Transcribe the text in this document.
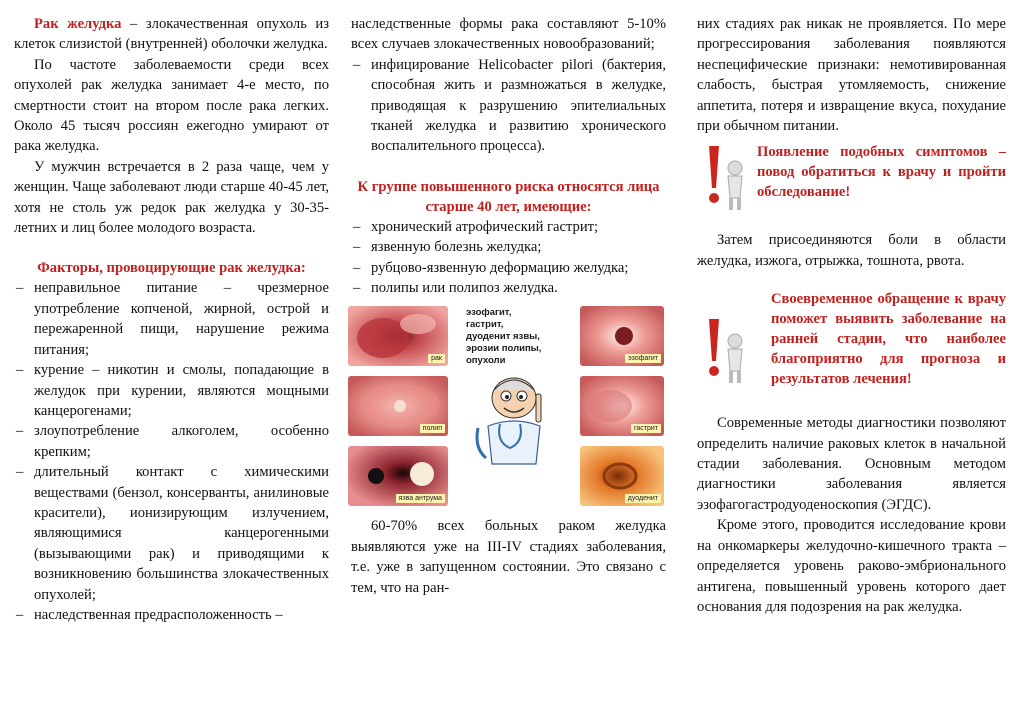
Рак желудка – злокачественная опухоль из клеток слизистой (внутренней) оболочки желудка.

По частоте заболеваемости среди всех опухолей рак желудка занимает 4-е место, по смертности стоит на втором после рака легких. Около 45 тысяч россиян ежегодно умирают от рака желудка.

У мужчин встречается в 2 раза чаще, чем у женщин. Чаще заболевают люди старше 40-45 лет, хотя не столь уж редок рак желудка у 30-35-летних и лиц более молодого возраста.

Факторы, провоцирующие рак желудка:

– неправильное питание – чрезмерное употребление копченой, жирной, острой и пережаренной пищи, нарушение режима питания;
– курение – никотин и смолы, попадающие в желудок при курении, являются мощными канцерогенами;
– злоупотребление алкоголем, особенно крепким;
– длительный контакт с химическими веществами (бензол, консерванты, анилиновые красители), ионизирующим излучением, являющимися канцерогенными (вызывающими рак) и приводящими к возникновению большинства злокачественных опухолей;
– наследственная предрасположенность –

наследственные формы рака составляют 5-10% всех случаев злокачественных новообразований;

– инфицирование Helicobacter pilori (бактерия, способная жить и размножаться в желудке, приводящая к разрушению эпителиальных тканей желудка и развитию хронического воспалительного процесса).

К группе повышенного риска относятся лица старше 40 лет, имеющие:

– хронический атрофический гастрит;
– язвенную болезнь желудка;
– рубцово-язвенную деформацию желудка;
– полипы или полипоз желудка.
рак
эзофагит,
гастрит,
дуоденит язвы,
эрозии полипы,
опухоли	эзофагит
полип	гастрит
язва антрума	дуоденит

60-70% всех больных раком желудка выявляются уже на III-IV стадиях заболевания, т.е. уже в запущенном состоянии. Это связано с тем, что на ран-

них стадиях рак никак не проявляется. По мере прогрессирования заболевания появляются неспецифические признаки: немотивированная слабость, быстрая утомляемость, снижение аппетита, потеря и извращение вкуса, похудание при обычном питании.

Появление подобных симптомов – повод обратиться к врачу и пройти обследование!

Затем присоединяются боли в области желудка, изжога, отрыжка, тошнота, рвота.

Своевременное обращение к врачу поможет выявить заболевание на ранней стадии, что наиболее благоприятно для прогноза и результатов лечения!

Современные методы диагностики позволяют определить наличие раковых клеток в начальной стадии заболевания. Основным методом диагностики заболевания является эзофагогастродуоденоскопия (ЭГДС).

Кроме этого, проводится исследование крови на онкомаркеры желудочно-кишечного тракта – определяется уровень раково-эмбрионального антигена, повышенный уровень которого дает основания для подозрения на рак желудка.
